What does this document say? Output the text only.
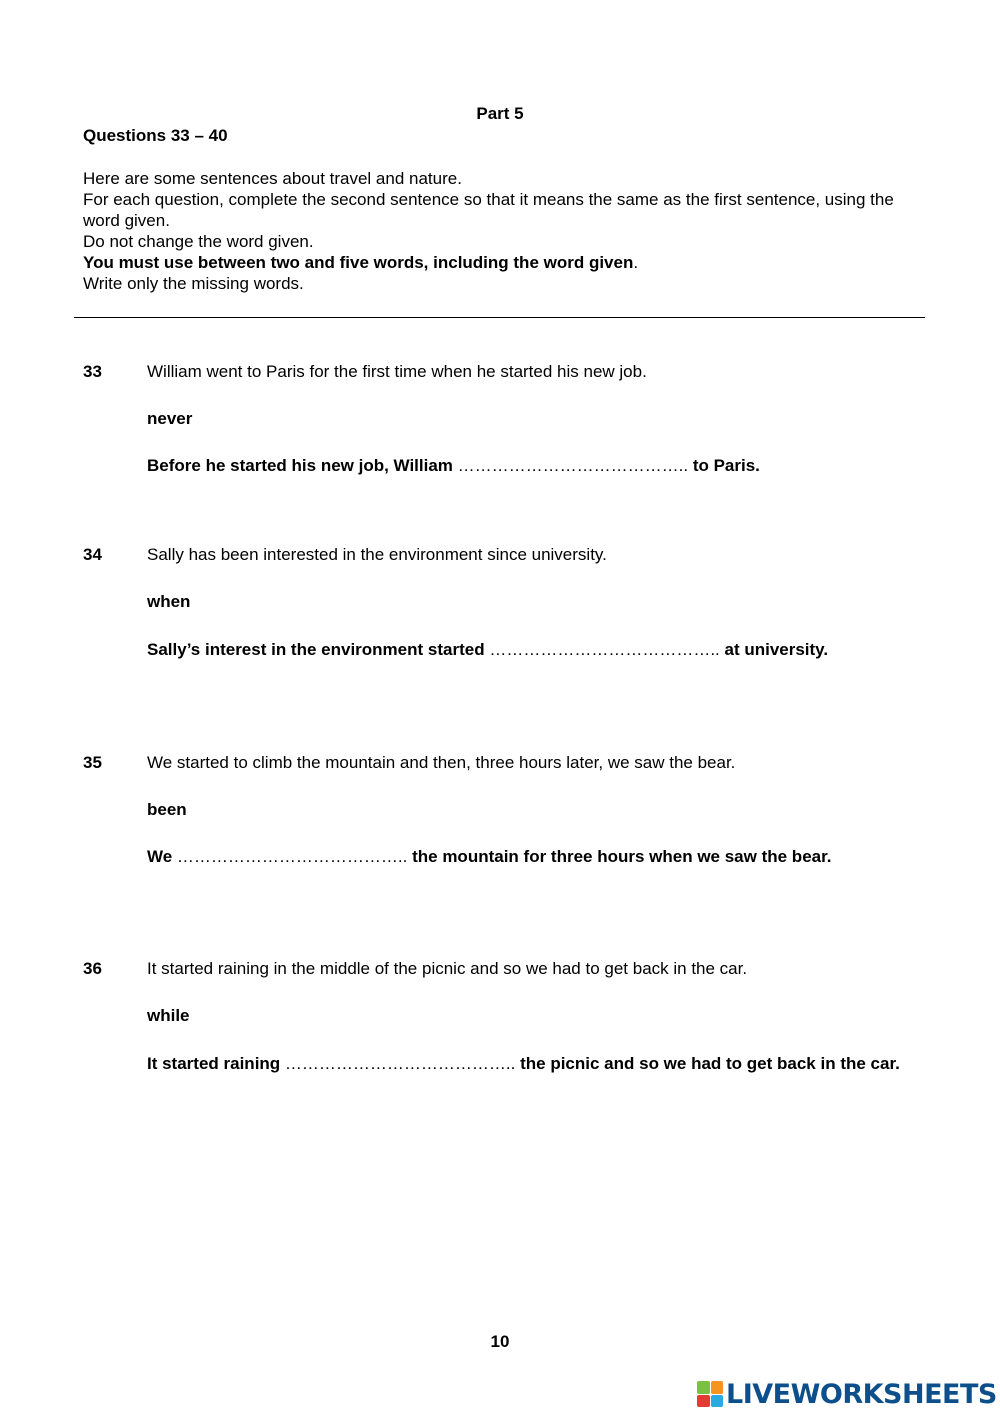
Part 5
Questions 33 – 40
Here are some sentences about travel and nature.
For each question, complete the second sentence so that it means the same as the first sentence, using the word given.
Do not change the word given.
You must use between two and five words, including the word given.
Write only the missing words.
33	William went to Paris for the first time when he started his new job.
never
Before he started his new job, William ………………………………….. to Paris.
34	Sally has been interested in the environment since university.
when
Sally’s interest in the environment started ………………………………….. at university.
35	We started to climb the mountain and then, three hours later, we saw the bear.
been
We ………………………………….. the mountain for three hours when we saw the bear.
36	It started raining in the middle of the picnic and so we had to get back in the car.
while
It started raining ………………………………….. the picnic and so we had to get back in the car.
10
LIVEWORKSHEETS
